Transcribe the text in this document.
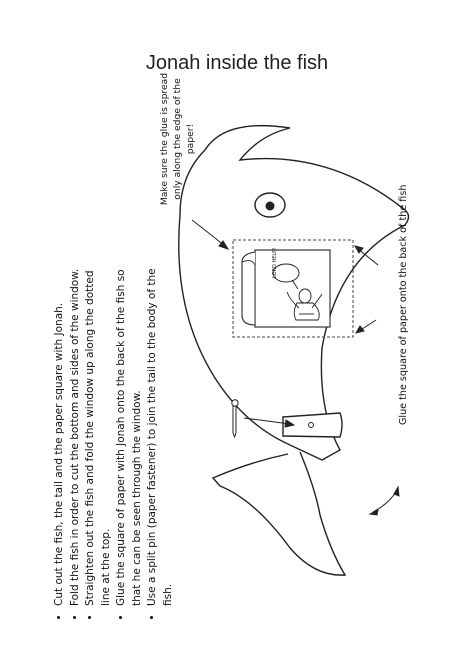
Jonah inside the fish
• Cut out the fish, the tail and the paper square with Jonah. • Fold the fish in order to cut the bottom and sides of the window. • Straighten out the fish and fold the window up along the dotted line at the top. • Glue the square of paper with Jonah onto the back of the fish so that he can be seen through the window. • Use a split pin (paper fastener) to join the tail to the body of the fish.
Make sure the glue is spread only along the edge of the paper!
Glue the square of paper onto the back of the fish
LORD HELP!
